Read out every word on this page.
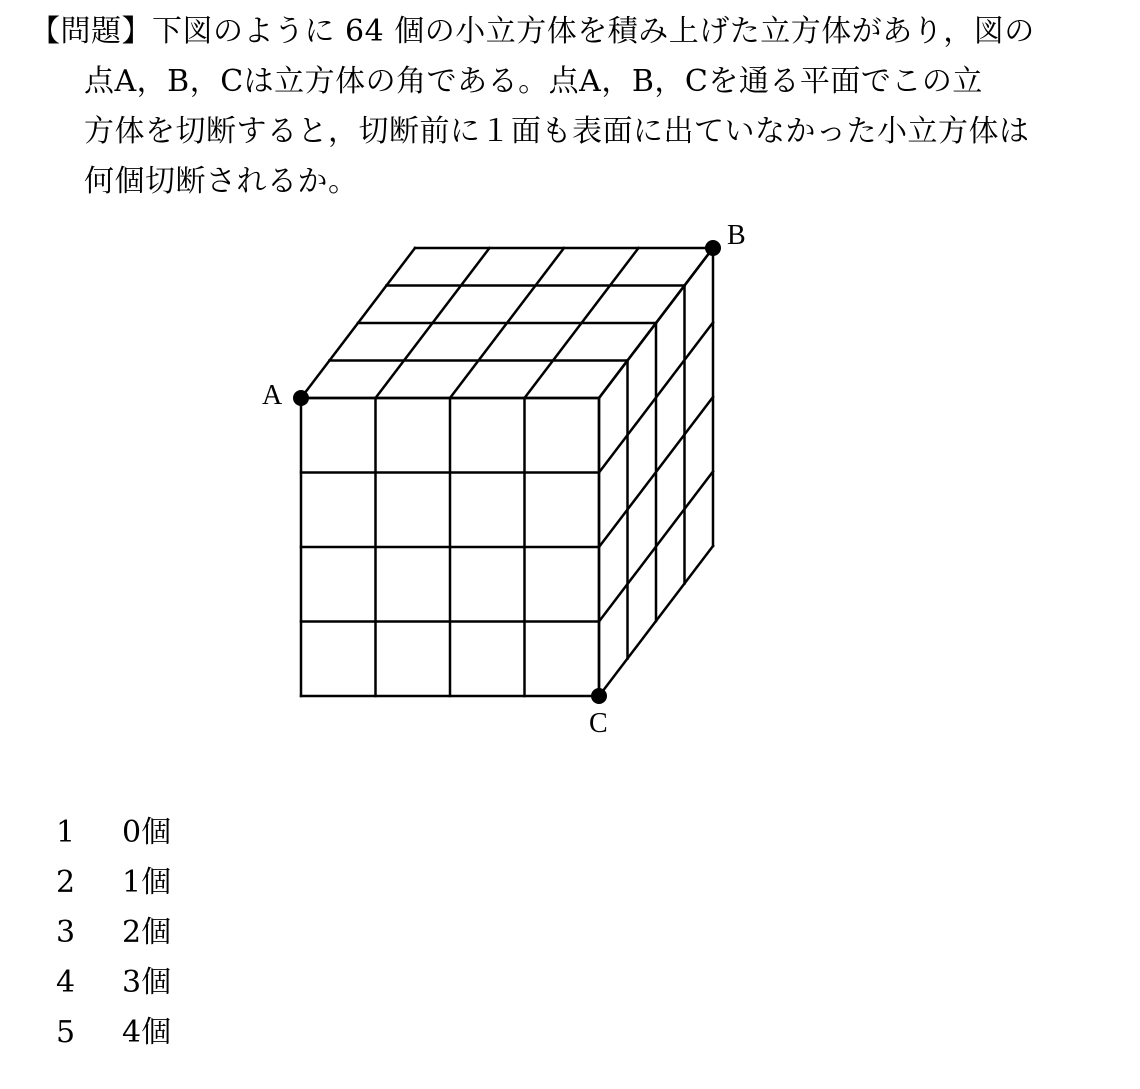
【問題】下図のように 64 個の小立方体を積み上げた立方体があり，図の
点A，B，Cは立方体の角である。点A，B，Cを通る平面でこの立
方体を切断すると，切断前に１面も表面に出ていなかった小立方体は
何個切断されるか。
A
B
C
1 0個
2 1個
3 2個
4 3個
5 4個
